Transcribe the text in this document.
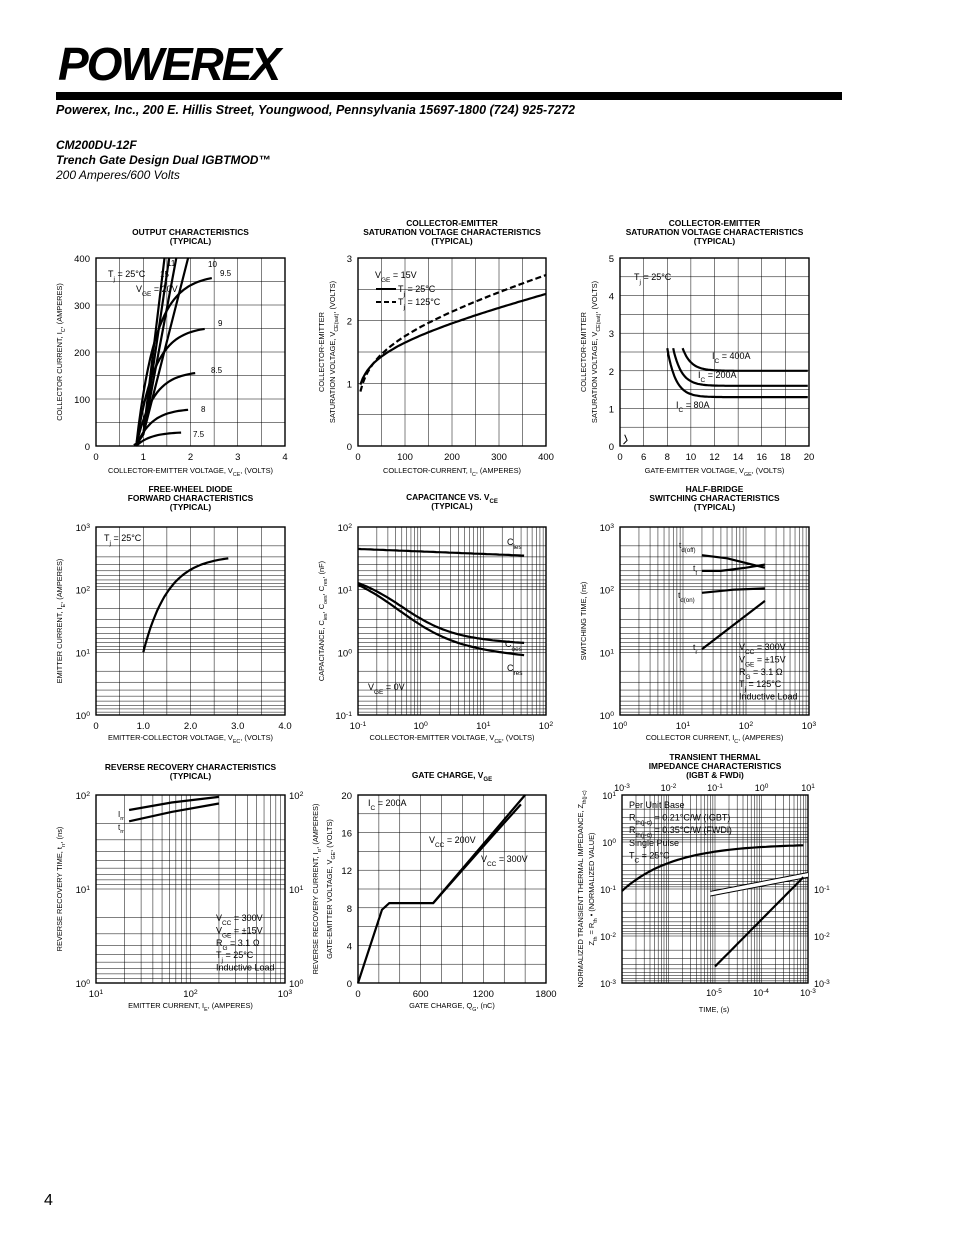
POWEREX
Powerex, Inc., 200 E. Hillis Street, Youngwood, Pennsylvania 15697-1800 (724) 925-7272
CM200DU-12F
Trench Gate Design Dual IGBTMOD™
200 Amperes/600 Volts
OUTPUT CHARACTERISTICS
(TYPICAL)
0	1	2	3	4
0
100
200
300
400
COLLECTOR-EMITTER VOLTAGE, $V_{CE}$, (VOLTS)
COLLECTOR CURRENT, $I_C$, (AMPERES)
$T_j = 25^\circ C$
$V_{GE} = 20V$
11
15
10
9.5
9
8.5
8
7.5
COLLECTOR-EMITTER
SATURATION VOLTAGE CHARACTERISTICS
(TYPICAL)
0	100	200	300	400
0
1
2
3
COLLECTOR-CURRENT, $I_C$, (AMPERES)
COLLECTOR-EMITTER SATURATION VOLTAGE, $V_{CE(sat)}$, (VOLTS)
$V_{GE} = 15V$
$T_j = 25^\circ C$
$T_j = 125^\circ C$
COLLECTOR-EMITTER
SATURATION VOLTAGE CHARACTERISTICS
(TYPICAL)
0 6 8 10 12 14 16 18 20
0
1
2
3
4
5
GATE-EMITTER VOLTAGE, $V_{GE}$, (VOLTS)
COLLECTOR-EMITTER SATURATION VOLTAGE, $V_{CE(sat)}$, (VOLTS)
$T_j = 25^\circ C$
$I_C = 400A$
$I_C = 200A$
$I_C = 80A$
FREE-WHEEL DIODE
FORWARD CHARACTERISTICS
(TYPICAL)
0	1.0	2.0	3.0	4.0
$10^0$
$10^1$
$10^2$
$10^3$
EMITTER-COLLECTOR VOLTAGE, $V_{EC}$, (VOLTS)
EMITTER CURRENT, $I_E$, (AMPERES)
$T_j = 25^\circ C$
CAPACITANCE VS. $V_{CE}$
(TYPICAL)
$10^{-1}$	$10^0$	$10^1$	$10^2$
$10^{-1}$
$10^0$
$10^1$
$10^2$
COLLECTOR-EMITTER VOLTAGE, $V_{CE}$, (VOLTS)
CAPACITANCE, $C_{ies}$, $C_{oes}$, $C_{res}$, (nF)
$C_{ies}$
$C_{oes}$
$C_{res}$
$V_{GE} = 0V$
HALF-BRIDGE
SWITCHING CHARACTERISTICS
(TYPICAL)
$10^0$	$10^1$	$10^2$	$10^3$
$10^0$
$10^1$
$10^2$
$10^3$
COLLECTOR CURRENT, $I_C$, (AMPERES)
SWITCHING TIME, (ns)
$t_{d(off)}$
$t_f$
$t_{d(on)}$
$t_r$	$V_{CC} = 300V$
$V_{GE} = \pm 15V$
$R_G = 3.1$ Ω
$T_j = 125^\circ C$
Inductive Load
REVERSE RECOVERY CHARACTERISTICS
(TYPICAL)
$10^1$	$10^2$	$10^3$
$10^0$	$10^0$
$10^1$	$10^1$
$10^2$	$10^2$
EMITTER CURRENT, $I_E$, (AMPERES)
REVERSE RECOVERY TIME, $t_{rr}$, (ns)
REVERSE RECOVERY CURRENT, $I_{rr}$, (AMPERES)
$I_{rr}$
$t_{rr}$
$V_{CC} = 300V$
$V_{GE} = \pm 15V$
$R_G = 3.1$ Ω
$T_j = 25^\circ C$
Inductive Load
GATE CHARGE, $V_{GE}$
0	600	1200	1800
0
4
8
12
16
20
GATE CHARGE, $Q_G$, (nC)
GATE-EMITTER VOLTAGE, $V_{GE}$, (VOLTS)
$I_C = 200A$
$V_{CC} = 200V$
$V_{CC} = 300V$
TRANSIENT THERMAL
IMPEDANCE CHARACTERISTICS
(IGBT & FWDi)
$10^{-3}$	$10^{-2}$	$10^{-1}$	$10^0$	$10^1$
$10^{-5}$	$10^{-4}$	$10^{-3}$
$10^{-3}$	$10^{-3}$
$10^{-2}$	$10^{-2}$
$10^{-1}$	$10^{-1}$
$10^0$
$10^1$
TIME, (s)
NORMALIZED TRANSIENT THERMAL IMPEDANCE, $Z_{th(j-c)}$
$Z_{th} = R_{th}$ • (NORMALIZED VALUE)
Per Unit Base
$R_{th(j-c)} = 0.21^\circ C/W$ (IGBT)
$R_{th(j-c)} = 0.35^\circ C/W$ (FWDi)
Single Pulse
$T_C = 25^\circ C$
4
